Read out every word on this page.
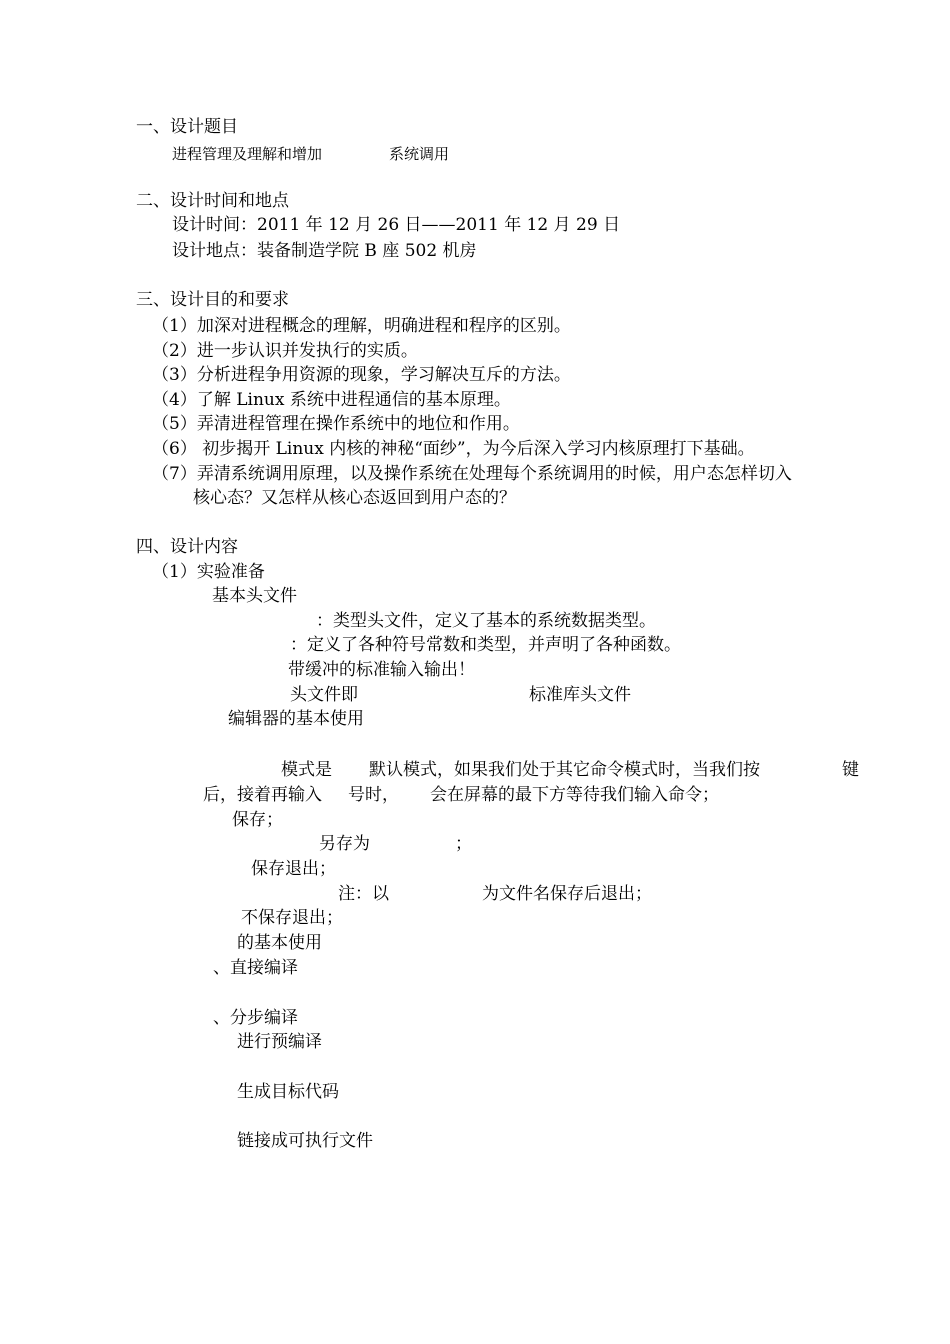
一、设计题目
进程管理及理解和增加	系统调用
二、设计时间和地点
设计时间：2011 年 12 月 26 日——2011 年 12 月 29 日
设计地点：装备制造学院 B 座 502 机房
三、设计目的和要求
（1）加深对进程概念的理解，明确进程和程序的区别。
（2）进一步认识并发执行的实质。
（3）分析进程争用资源的现象，学习解决互斥的方法。
（4）了解 Linux 系统中进程通信的基本原理。
（5）弄清进程管理在操作系统中的地位和作用。
（6） 初步揭开 Linux 内核的神秘“面纱”，为今后深入学习内核原理打下基础。
（7）弄清系统调用原理，以及操作系统在处理每个系统调用的时候，用户态怎样切入
核心态？又怎样从核心态返回到用户态的？
四、设计内容
（1）实验准备
基本头文件
：类型头文件，定义了基本的系统数据类型。
：定义了各种符号常数和类型，并声明了各种函数。
带缓冲的标准输入输出！
头文件即	标准库头文件
编辑器的基本使用
模式是 默认模式，如果我们处于其它命令模式时，当我们按	键
后，接着再输入 号时， 会在屏幕的最下方等待我们输入命令；
保存；
另存为	；
保存退出；
注：以	为文件名保存后退出；
不保存退出；
的基本使用
、直接编译
、分步编译
进行预编译
生成目标代码
链接成可执行文件
